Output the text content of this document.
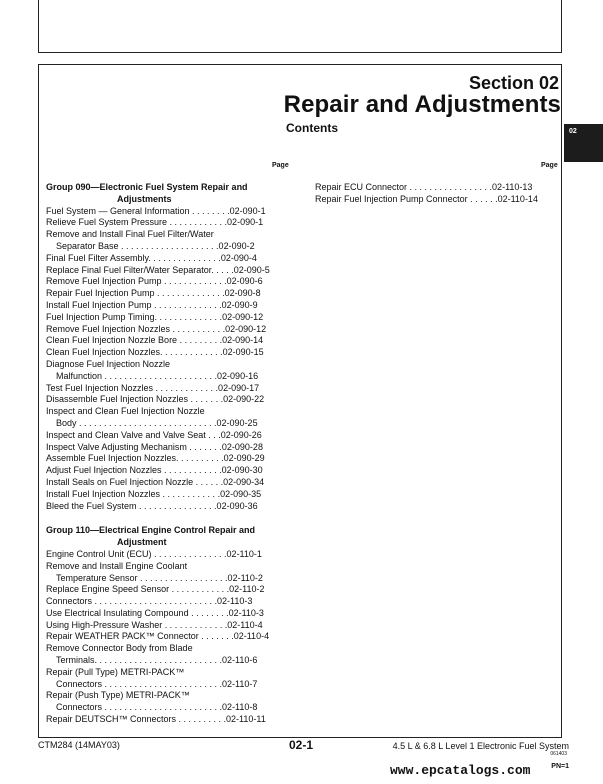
Section 02
Repair and Adjustments
Contents	02
Page	Page
Group 090—Electronic Fuel System Repair and
Adjustments
Fuel System — General Information . . . . . . . .02-090-1
Relieve Fuel System Pressure . . . . . . . . . . . .02-090-1
Remove and Install Final Fuel Filter/Water
Separator Base . . . . . . . . . . . . . . . . . . . .02-090-2
Final Fuel Filter Assembly. . . . . . . . . . . . . . .02-090-4
Replace Final Fuel Filter/Water Separator. . . . .02-090-5
Remove Fuel Injection Pump . . . . . . . . . . . . .02-090-6
Repair Fuel Injection Pump . . . . . . . . . . . . . .02-090-8
Install Fuel Injection Pump . . . . . . . . . . . . . .02-090-9
Fuel Injection Pump Timing. . . . . . . . . . . . . .02-090-12
Remove Fuel Injection Nozzles . . . . . . . . . . .02-090-12
Clean Fuel Injection Nozzle Bore . . . . . . . . .02-090-14
Clean Fuel Injection Nozzles. . . . . . . . . . . . .02-090-15
Diagnose Fuel Injection Nozzle
Malfunction . . . . . . . . . . . . . . . . . . . . . . .02-090-16
Test Fuel Injection Nozzles . . . . . . . . . . . . .02-090-17
Disassemble Fuel Injection Nozzles . . . . . . .02-090-22
Inspect and Clean Fuel Injection Nozzle
Body . . . . . . . . . . . . . . . . . . . . . . . . . . . .02-090-25
Inspect and Clean Valve and Valve Seat . . .02-090-26
Inspect Valve Adjusting Mechanism . . . . . . .02-090-28
Assemble Fuel Injection Nozzles. . . . . . . . . .02-090-29
Adjust Fuel Injection Nozzles . . . . . . . . . . . .02-090-30
Install Seals on Fuel Injection Nozzle . . . . . .02-090-34
Install Fuel Injection Nozzles . . . . . . . . . . . .02-090-35
Bleed the Fuel System . . . . . . . . . . . . . . . .02-090-36
Group 110—Electrical Engine Control Repair and
Adjustment
Engine Control Unit (ECU) . . . . . . . . . . . . . . .02-110-1
Remove and Install Engine Coolant
Temperature Sensor . . . . . . . . . . . . . . . . . .02-110-2
Replace Engine Speed Sensor . . . . . . . . . . . .02-110-2
Connectors . . . . . . . . . . . . . . . . . . . . . . . . .02-110-3
Use Electrical Insulating Compound . . . . . . . .02-110-3
Using High-Pressure Washer . . . . . . . . . . . . .02-110-4
Repair WEATHER PACK™ Connector . . . . . . .02-110-4
Remove Connector Body from Blade
Terminals. . . . . . . . . . . . . . . . . . . . . . . . . .02-110-6
Repair (Pull Type) METRI-PACK™
Connectors . . . . . . . . . . . . . . . . . . . . . . . .02-110-7
Repair (Push Type) METRI-PACK™
Connectors . . . . . . . . . . . . . . . . . . . . . . . .02-110-8
Repair DEUTSCH™ Connectors . . . . . . . . . .02-110-11
Repair ECU Connector . . . . . . . . . . . . . . . . .02-110-13
Repair Fuel Injection Pump Connector . . . . . .02-110-14
CTM284 (14MAY03)	02-1	4.5 L & 6.8 L Level 1 Electronic Fuel System
061403
PN=1
www.epcatalogs.com
